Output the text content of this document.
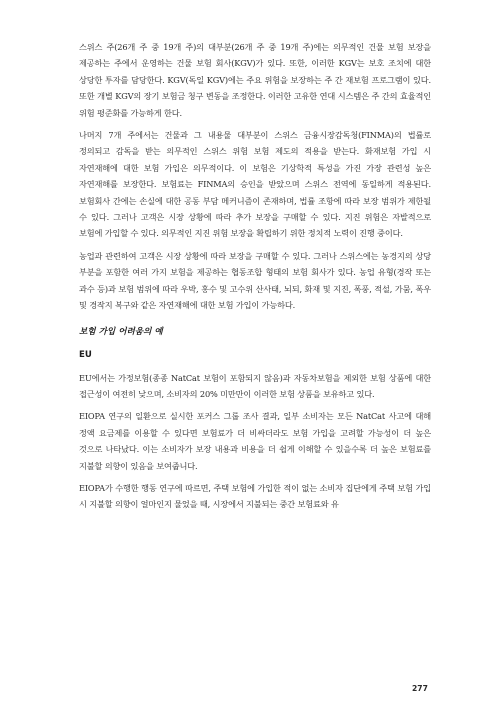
스위스 주(26개 주 중 19개 주)의 대부분(26개 주 중 19개 주)에는 의무적인 건물 보험 보장을 제공하는 주에서 운영하는 건물 보험 회사(KGV)가 있다. 또한, 이러한 KGV는 보호 조치에 대한 상당한 투자를 담당한다. KGV(독일 KGV)에는 주요 위험을 보장하는 주 간 재보험 프로그램이 있다. 또한 개별 KGV의 장기 보험금 청구 변동을 조정한다. 이러한 고유한 연대 시스템은 주 간의 효율적인 위험 평준화를 가능하게 한다.

나머지 7개 주에서는 건물과 그 내용물 대부분이 스위스 금융시장감독청(FINMA)의 법률로 정의되고 감독을 받는 의무적인 스위스 위험 보험 제도의 적용을 받는다. 화재보험 가입 시 자연재해에 대한 보험 가입은 의무적이다. 이 보험은 기상학적 특성을 가진 가장 관련성 높은 자연재해를 보장한다. 보험료는 FINMA의 승인을 받았으며 스위스 전역에 동일하게 적용된다. 보험회사 간에는 손실에 대한 공동 부담 메커니즘이 존재하며, 법률 조항에 따라 보장 범위가 제한될 수 있다. 그러나 고객은 시장 상황에 따라 추가 보장을 구매할 수 있다. 지진 위험은 자발적으로 보험에 가입할 수 있다. 의무적인 지진 위험 보장을 확립하기 위한 정치적 노력이 진행 중이다.

농업과 관련하여 고객은 시장 상황에 따라 보장을 구매할 수 있다. 그러나 스위스에는 농경지의 상당 부분을 포함한 여러 가지 보험을 제공하는 협동조합 형태의 보험 회사가 있다. 농업 유형(경작 또는 과수 등)과 보험 범위에 따라 우박, 홍수 및 고수위 산사태, 뇌되, 화재 및 지진, 폭풍, 적설, 가뭄, 폭우 및 경작지 복구와 같은 자연재해에 대한 보험 가입이 가능하다.

보험 가입 어려움의 예
EU

EU에서는 가정보험(종종 NatCat 보험이 포함되지 않음)과 자동차보험을 제외한 보험 상품에 대한 접근성이 여전히 낮으며, 소비자의 20% 미만만이 이러한 보험 상품을 보유하고 있다.

EIOPA 연구의 일환으로 실시한 포커스 그룹 조사 결과, 일부 소비자는 모든 NatCat 사고에 대해 정액 요금제를 이용할 수 있다면 보험료가 더 비싸더라도 보험 가입을 고려할 가능성이 더 높은 것으로 나타났다. 이는 소비자가 보장 내용과 비용을 더 쉽게 이해할 수 있을수록 더 높은 보험료를 지불할 의향이 있음을 보여줍니다.

EIOPA가 수행한 행동 연구에 따르면, 주택 보험에 가입한 적이 없는 소비자 집단에게 주택 보험 가입 시 지불할 의향이 얼마인지 물었을 때, 시장에서 지불되는 중간 보험료와 유

277
